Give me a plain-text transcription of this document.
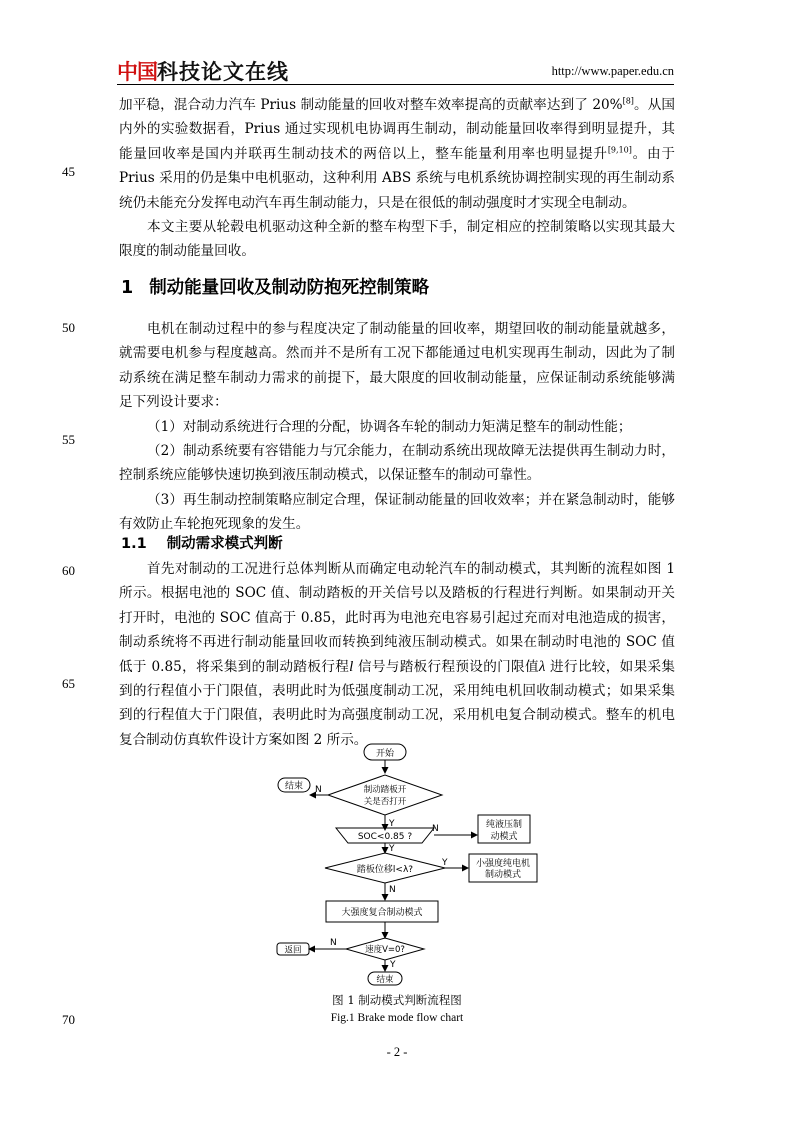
中国 科技论文在线	http://www.paper.edu.cn
45
50
55
60
65
70

加平稳，混合动力汽车 Prius 制动能量的回收对整车效率提高的贡献率达到了 20%[8]。从国内外的实验数据看，Prius 通过实现机电协调再生制动，制动能量回收率得到明显提升，其能量回收率是国内并联再生制动技术的两倍以上，整车能量利用率也明显提升[9,10]。由于 Prius 采用的仍是集中电机驱动，这种利用 ABS 系统与电机系统协调控制实现的再生制动系统仍未能充分发挥电动汽车再生制动能力，只是在很低的制动强度时才实现全电制动。

本文主要从轮毂电机驱动这种全新的整车构型下手，制定相应的控制策略以实现其最大限度的制动能量回收。

1 制动能量回收及制动防抱死控制策略

电机在制动过程中的参与程度决定了制动能量的回收率，期望回收的制动能量就越多，就需要电机参与程度越高。然而并不是所有工况下都能通过电机实现再生制动，因此为了制动系统在满足整车制动力需求的前提下，最大限度的回收制动能量，应保证制动系统能够满足下列设计要求：

（1）对制动系统进行合理的分配，协调各车轮的制动力矩满足整车的制动性能；

（2）制动系统要有容错能力与冗余能力，在制动系统出现故障无法提供再生制动力时，控制系统应能够快速切换到液压制动模式，以保证整车的制动可靠性。

（3）再生制动控制策略应制定合理，保证制动能量的回收效率；并在紧急制动时，能够有效防止车轮抱死现象的发生。

1.1 制动需求模式判断

首先对制动的工况进行总体判断从而确定电动轮汽车的制动模式，其判断的流程如图 1 所示。根据电池的 SOC 值、制动踏板的开关信号以及踏板的行程进行判断。如果制动开关打开时，电池的 SOC 值高于 0.85，此时再为电池充电容易引起过充而对电池造成的损害，制动系统将不再进行制动能量回收而转换到纯液压制动模式。如果在制动时电池的 SOC 值低于 0.85，将采集到的制动踏板行程l 信号与踏板行程预设的门限值λ 进行比较，如果采集到的行程值小于门限值，表明此时为低强度制动工况，采用纯电机回收制动模式；如果采集到的行程值大于门限值，表明此时为高强度制动工况，采用机电复合制动模式。整车的机电复合制动仿真软件设计方案如图 2 所示。

开始
结束	制动踏板开
关是否打开
SOC<0.85 ?
纯液压制
动模式
踏板位移l<λ?
小强度纯电机
制动模式
大强度复合制动模式
速度V=0?
返回
结束
N
Y	N
Y
Y
N
N
Y
图 1 制动模式判断流程图
Fig.1 Brake mode flow chart
- 2 -
